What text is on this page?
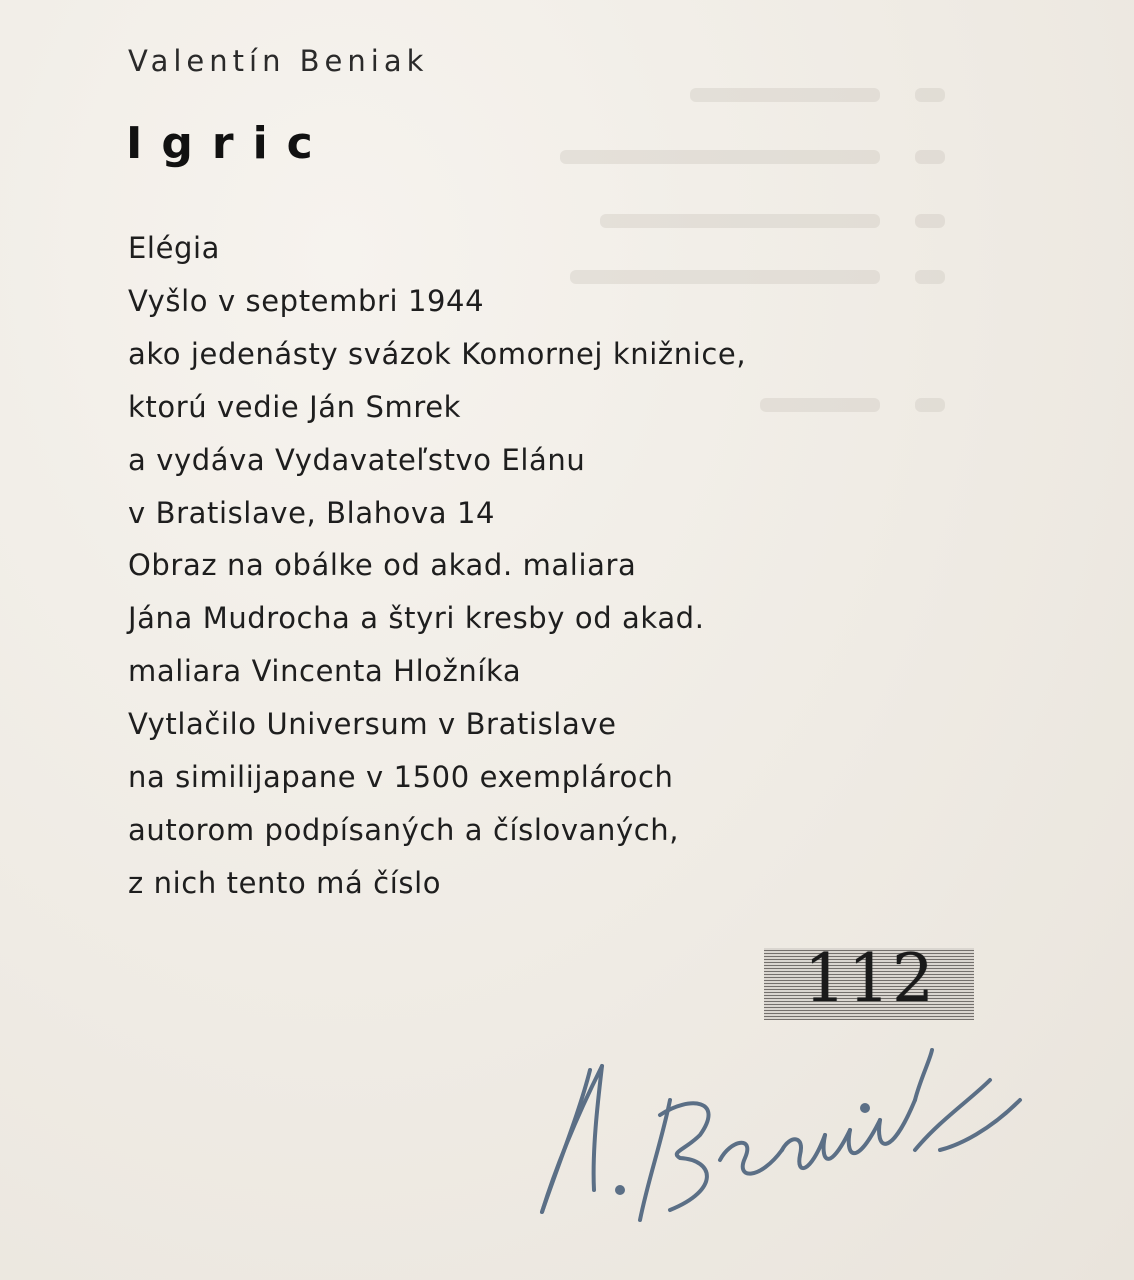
Valentín Beniak
Igric
Elégia
Vyšlo v septembri 1944
ako jedenásty svázok Komornej knižnice,
ktorú vedie Ján Smrek
a vydáva Vydavateľstvo Elánu
v Bratislave, Blahova 14
Obraz na obálke od akad. maliara
Jána Mudrocha a štyri kresby od akad.
maliara Vincenta Hložníka
Vytlačilo Universum v Bratislave
na similijapane v 1500 exemplároch
autorom podpísaných a číslovaných,
z nich tento má číslo
112
